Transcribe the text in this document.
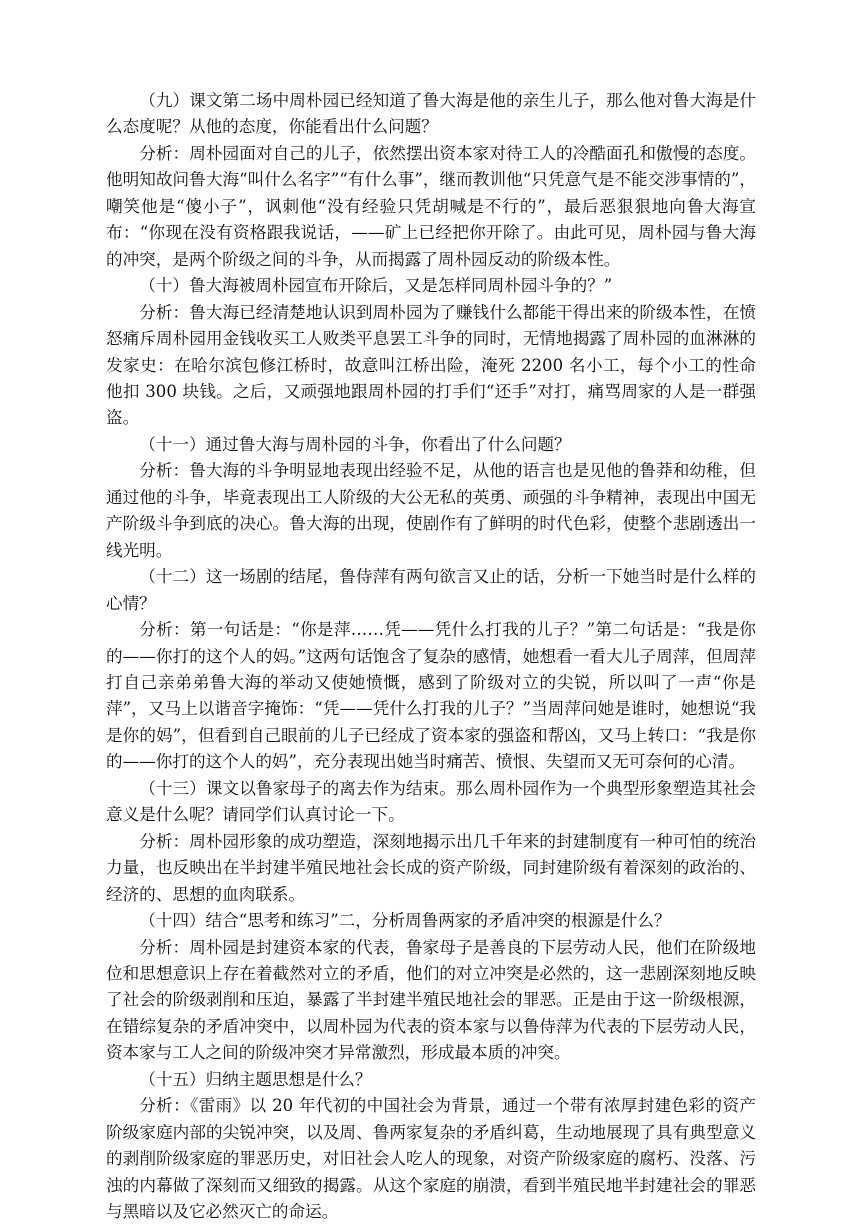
（九）课文第二场中周朴园已经知道了鲁大海是他的亲生儿子，那么他对鲁大海是什么态度呢？从他的态度，你能看出什么问题？

分析：周朴园面对自己的儿子，依然摆出资本家对待工人的冷酷面孔和傲慢的态度。他明知故问鲁大海“叫什么名字”“有什么事”，继而教训他“只凭意气是不能交涉事情的”，嘲笑他是“傻小子”，讽刺他“没有经验只凭胡喊是不行的”，最后恶狠狠地向鲁大海宣布：“你现在没有资格跟我说话，——矿上已经把你开除了。由此可见，周朴园与鲁大海的冲突，是两个阶级之间的斗争，从而揭露了周朴园反动的阶级本性。

（十）鲁大海被周朴园宣布开除后，又是怎样同周朴园斗争的？”

分析：鲁大海已经清楚地认识到周朴园为了赚钱什么都能干得出来的阶级本性，在愤怒痛斥周朴园用金钱收买工人败类平息罢工斗争的同时，无情地揭露了周朴园的血淋淋的发家史：在哈尔滨包修江桥时，故意叫江桥出险，淹死 2200 名小工，每个小工的性命他扣 300 块钱。之后，又顽强地跟周朴园的打手们“还手”对打，痛骂周家的人是一群强盗。

（十一）通过鲁大海与周朴园的斗争，你看出了什么问题？

分析：鲁大海的斗争明显地表现出经验不足，从他的语言也是见他的鲁莽和幼稚，但通过他的斗争，毕竟表现出工人阶级的大公无私的英勇、顽强的斗争精神，表现出中国无产阶级斗争到底的决心。鲁大海的出现，使剧作有了鲜明的时代色彩，使整个悲剧透出一线光明。

（十二）这一场剧的结尾，鲁侍萍有两句欲言又止的话，分析一下她当时是什么样的心情？

分析：第一句话是：“你是萍……凭——凭什么打我的儿子？”第二句话是：“我是你的——你打的这个人的妈。”这两句话饱含了复杂的感情，她想看一看大儿子周萍，但周萍打自己亲弟弟鲁大海的举动又使她愤慨，感到了阶级对立的尖锐，所以叫了一声“你是萍”，又马上以谐音字掩饰：“凭——凭什么打我的儿子？”当周萍问她是谁时，她想说“我是你的妈”，但看到自己眼前的儿子已经成了资本家的强盗和帮凶，又马上转口：“我是你的——你打的这个人的妈”，充分表现出她当时痛苦、愤恨、失望而又无可奈何的心清。

（十三）课文以鲁家母子的离去作为结束。那么周朴园作为一个典型形象塑造其社会意义是什么呢？请同学们认真讨论一下。

分析：周朴园形象的成功塑造，深刻地揭示出几千年来的封建制度有一种可怕的统治力量，也反映出在半封建半殖民地社会长成的资产阶级，同封建阶级有着深刻的政治的、经济的、思想的血肉联系。

（十四）结合“思考和练习”二，分析周鲁两家的矛盾冲突的根源是什么？

分析：周朴园是封建资本家的代表，鲁家母子是善良的下层劳动人民，他们在阶级地位和思想意识上存在着截然对立的矛盾，他们的对立冲突是必然的，这一悲剧深刻地反映了社会的阶级剥削和压迫，暴露了半封建半殖民地社会的罪恶。正是由于这一阶级根源，在错综复杂的矛盾冲突中，以周朴园为代表的资本家与以鲁侍萍为代表的下层劳动人民，资本家与工人之间的阶级冲突才异常激烈，形成最本质的冲突。

（十五）归纳主题思想是什么？

分析：《雷雨》以 20 年代初的中国社会为背景，通过一个带有浓厚封建色彩的资产阶级家庭内部的尖锐冲突，以及周、鲁两家复杂的矛盾纠葛，生动地展现了具有典型意义的剥削阶级家庭的罪恶历史，对旧社会人吃人的现象，对资产阶级家庭的腐朽、没落、污浊的内幕做了深刻而又细致的揭露。从这个家庭的崩溃，看到半殖民地半封建社会的罪恶与黑暗以及它必然灭亡的命运。
